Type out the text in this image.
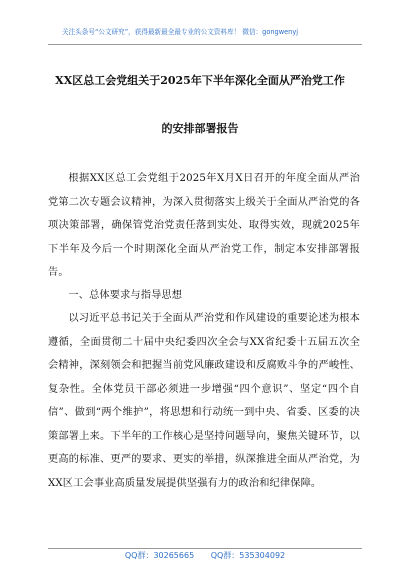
关注头条号“公文研究”，获得最新最全最专业的公文资料库！ 微信：gongwenyj
XX区总工会党组关于2025年下半年深化全面从严治党工作
的安排部署报告

根据XX区总工会党组于2025年X月X日召开的年度全面从严治党第二次专题会议精神，为深入贯彻落实上级关于全面从严治党的各项决策部署，确保管党治党责任落到实处、取得实效，现就2025年下半年及今后一个时期深化全面从严治党工作，制定本安排部署报告。

一、总体要求与指导思想

以习近平总书记关于全面从严治党和作风建设的重要论述为根本遵循，全面贯彻二十届中央纪委四次全会与XX省纪委十五届五次全会精神，深刻领会和把握当前党风廉政建设和反腐败斗争的严峻性、复杂性。全体党员干部必须进一步增强“四个意识”、坚定“四个自信”、做到“两个维护”，将思想和行动统一到中央、省委、区委的决策部署上来。下半年的工作核心是坚持问题导向，聚焦关键环节，以更高的标准、更严的要求、更实的举措，纵深推进全面从严治党，为XX区工会事业高质量发展提供坚强有力的政治和纪律保障。

QQ群：30265665 QQ群：535304092
